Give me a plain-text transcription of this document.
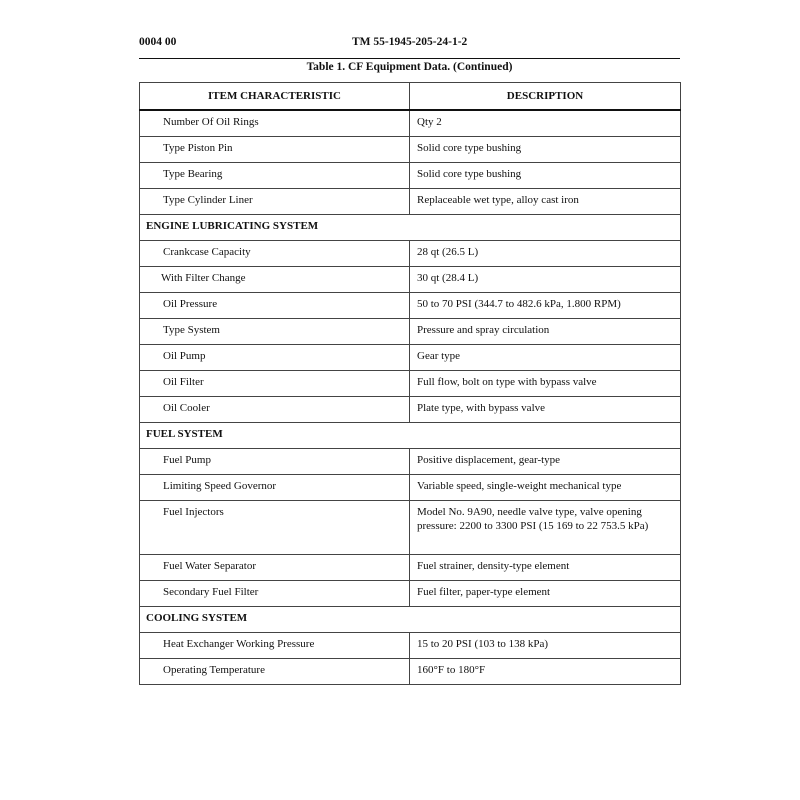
0004 00	TM 55-1945-205-24-1-2
Table 1. CF Equipment Data. (Continued)
ITEM CHARACTERISTIC	DESCRIPTION
Number Of Oil Rings	Qty 2
Type Piston Pin	Solid core type bushing
Type Bearing	Solid core type bushing
Type Cylinder Liner	Replaceable wet type, alloy cast iron
ENGINE LUBRICATING SYSTEM	
Crankcase Capacity	28 qt (26.5 L)
With Filter Change	30 qt (28.4 L)
Oil Pressure	50 to 70 PSI (344.7 to 482.6 kPa, 1.800 RPM)
Type System	Pressure and spray circulation
Oil Pump	Gear type
Oil Filter	Full flow, bolt on type with bypass valve
Oil Cooler	Plate type, with bypass valve
FUEL SYSTEM	
Fuel Pump	Positive displacement, gear-type
Limiting Speed Governor	Variable speed, single-weight mechanical type
Fuel Injectors	Model No. 9A90, needle valve type, valve opening pressure: 2200 to 3300 PSI (15 169 to 22 753.5 kPa)
Fuel Water Separator	Fuel strainer, density-type element
Secondary Fuel Filter	Fuel filter, paper-type element
COOLING SYSTEM	
Heat Exchanger Working Pressure	15 to 20 PSI (103 to 138 kPa)
Operating Temperature	160°F to 180°F
